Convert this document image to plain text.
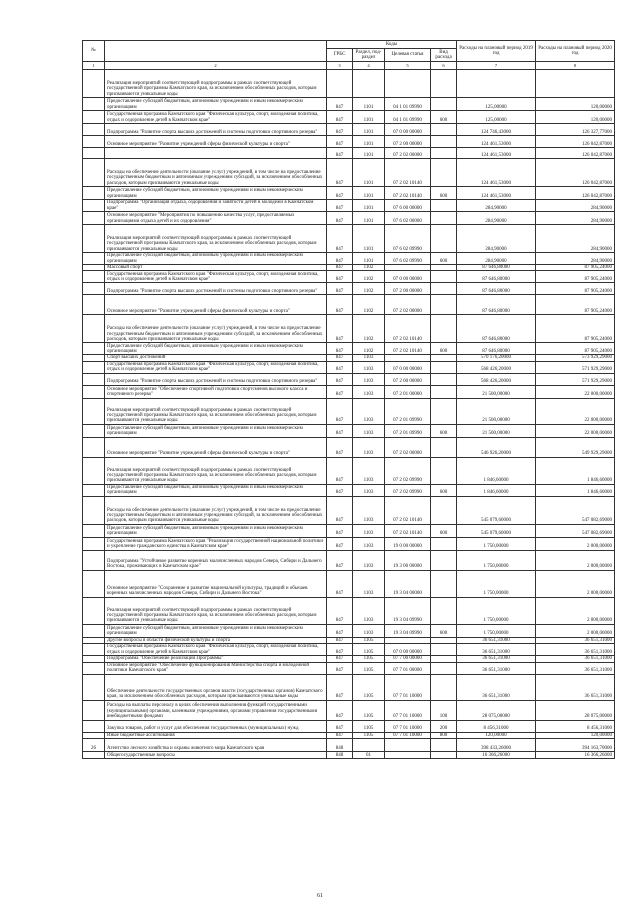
№		Коды				Расходы на плановый период 2019 год	Расходы на плановый период 2020 год
		ГРБС	Раздел, под-раздел	Целевая статья	Вид расхода		
1	2	3	4	5	6	7	8
	Реализация мероприятий соответствующей подпрограммы в рамках соответствующей государственной программы Камчатского края, за исключением обособленных расходов, которым присваиваются уникальные коды						
	Предоставление субсидий бюджетным, автономным учреждениям и иным некоммерческим организациям	847	1101	04 1 01 09990		125,00000	120,00000
	Государственная программа Камчатского края "Физическая культура, спорт, молодежная политика, отдых и оздоровление детей в Камчатском крае"	847	1101	04 1 01 09990	600	125,00000	120,00000
	Подпрограмма "Развитие спорта высших достижений и системы подготовки спортивного резерва"	847	1101	07 0 00 00000		124 746,43000	126 327,77000
	Основное мероприятие "Развитие учреждений сферы физической культуры и спорта"	847	1101	07 2 00 00000		124 461,53000	126 042,87000
		847	1101	07 2 02 00000		124 461,53000	126 042,87000
	Расходы на обеспечение деятельности (оказание услуг) учреждений, в том числе на предоставление государственным бюджетным и автономным учреждениям субсидий, за исключением обособленных расходов, которым присваиваются уникальные коды	847	1101	07 2 02 10140		124 461,53000	126 042,87000
	Предоставление субсидий бюджетным, автономным учреждениям и иным некоммерческим организациям	847	1101	07 2 02 10140	600	124 461,53000	126 042,87000
	Подпрограмма "Организация отдыха, оздоровления и занятости детей и молодежи в Камчатском крае"	847	1101	07 6 00 00000		284,90000	284,90000
	Основное мероприятие "Мероприятия по повышению качества услуг, предоставляемых организациями отдыха детей и их оздоровления"	847	1101	07 6 02 00000		284,90000	284,90000
	Реализация мероприятий соответствующей подпрограммы в рамках соответствующей государственной программы Камчатского края, за исключением обособленных расходов, которым присваиваются уникальные коды	847	1101	07 6 02 09990		284,90000	284,90000
	Предоставление субсидий бюджетным, автономным учреждениям и иным некоммерческим организациям	847	1101	07 6 02 09990	600	284,90000	284,90000
	Массовый спорт	847	1102			87 646,80000	87 905,24000
	Государственная программа Камчатского края "Физическая культура, спорт, молодежная политика, отдых и оздоровление детей в Камчатском крае"	847	1102	07 0 00 00000		87 646,80000	87 905,24000
	Подпрограмма "Развитие спорта высших достижений и системы подготовки спортивного резерва"	847	1102	07 2 00 00000		87 646,80000	87 905,24000
	Основное мероприятие "Развитие учреждений сферы физической культуры и спорта"	847	1102	07 2 02 00000		87 646,80000	87 905,24000
	Расходы на обеспечение деятельности (оказание услуг) учреждений, в том числе на предоставление государственным бюджетным и автономным учреждениям субсидий, за исключением обособленных расходов, которым присваиваются уникальные коды	847	1102	07 2 02 10140		87 646,80000	87 905,24000
	Предоставление субсидий бюджетным, автономным учреждениям и иным некоммерческим организациям	847	1102	07 2 02 10140	600	87 646,80000	87 905,24000
	Спорт высших достижений	847	1103			570 176,20000	573 929,29000
	Государственная программа Камчатского края "Физическая культура, спорт, молодежная политика, отдых и оздоровление детей в Камчатском крае"	847	1103	07 0 00 00000		568 426,20000	571 929,29000
	Подпрограмма "Развитие спорта высших достижений и системы подготовки спортивного резерва"	847	1103	07 2 00 00000		568 426,20000	571 929,29000
	Основное мероприятие "Обеспечение спортивной подготовки спортсменов высокого класса и спортивного резерва"	847	1103	07 2 01 00000		21 500,00000	22 000,00000
	Реализация мероприятий соответствующей подпрограммы в рамках соответствующей государственной программы Камчатского края, за исключением обособленных расходов, которым присваиваются уникальные коды	847	1103	07 2 01 09990		21 500,00000	22 000,00000
	Предоставление субсидий бюджетным, автономным учреждениям и иным некоммерческим организациям	847	1103	07 2 01 09990	600	21 500,00000	22 000,00000
	Основное мероприятие "Развитие учреждений сферы физической культуры и спорта"	847	1103	07 2 02 00000		546 926,20000	549 929,29000
	Реализация мероприятий соответствующей подпрограммы в рамках соответствующей государственной программы Камчатского края, за исключением обособленных расходов, которым присваиваются уникальные коды	847	1103	07 2 02 09990		1 846,60000	1 846,60000
	Предоставление субсидий бюджетным, автономным учреждениям и иным некоммерческим организациям	847	1103	07 2 02 09990	600	1 846,60000	1 846,60000
	Расходы на обеспечение деятельности (оказание услуг) учреждений, в том числе на предоставление государственным бюджетным и автономным учреждениям субсидий, за исключением обособленных расходов, которым присваиваются уникальные коды	847	1103	07 2 02 10140		545 079,60000	547 082,69000
	Предоставление субсидий бюджетным, автономным учреждениям и иным некоммерческим организациям	847	1103	07 2 02 10140	600	545 079,60000	547 082,69000
	Государственная программа Камчатского края "Реализация государственной национальной политики и укрепление гражданского единства в Камчатском крае"	847	1103	19 0 00 00000		1 750,00000	2 000,00000
	Подпрограмма "Устойчивое развитие коренных малочисленных народов Севера, Сибири и Дальнего Востока, проживающих в Камчатском крае"	847	1103	19 3 00 00000		1 750,00000	2 000,00000
	Основное мероприятие "Сохранение и развитие национальной культуры, традиций и обычаев коренных малочисленных народов Севера, Сибири и Дальнего Востока"	847	1103	19 3 04 00000		1 750,00000	2 000,00000
	Реализация мероприятий соответствующей подпрограммы в рамках соответствующей государственной программы Камчатского края, за исключением обособленных расходов, которым присваиваются уникальные коды	847	1103	19 3 04 09990		1 750,00000	2 000,00000
	Предоставление субсидий бюджетным, автономным учреждениям и иным некоммерческим организациям	847	1103	19 3 04 09990	600	1 750,00000	2 000,00000
	Другие вопросы в области физической культуры и спорта	847	1105			36 651,31000	36 651,31000
	Государственная программа Камчатского края "Физическая культура, спорт, молодежная политика, отдых и оздоровление детей в Камчатском крае"	847	1105	07 0 00 00000		36 651,31000	36 651,31000
	Подпрограмма "Обеспечение реализации Программы"	847	1105	07 7 00 00000		36 651,31000	36 651,31000
	Основное мероприятие "Обеспечение функционирования Министерства спорта и молодежной политики Камчатского края"	847	1105	07 7 01 00000		36 651,31000	36 651,31000
	Обеспечение деятельности государственных органов власти (государственных органов) Камчатского края, за исключением обособленных расходов, которым присваиваются уникальные коды	847	1105	07 7 01 10000		36 651,31000	36 651,31000
	Расходы на выплаты персоналу в целях обеспечения выполнения функций государственными (муниципальными) органами, казенными учреждениями, органами управления государственными внебюджетными фондами	847	1105	07 7 01 10000	100	28 075,00000	28 075,00000
	Закупка товаров, работ и услуг для обеспечения государственных (муниципальных) нужд	847	1105	07 7 01 10000	200	8 456,31000	8 456,31000
	Иные бюджетные ассигнования	847	1105	07 7 01 10000	800	120,00000	120,00000
26	Агентство лесного хозяйства и охраны животного мира Камчатского края	848				398 433,26000	394 163,70000
	Общегосударственные вопросы	848	01			16 366,26000	16 366,26000
61
